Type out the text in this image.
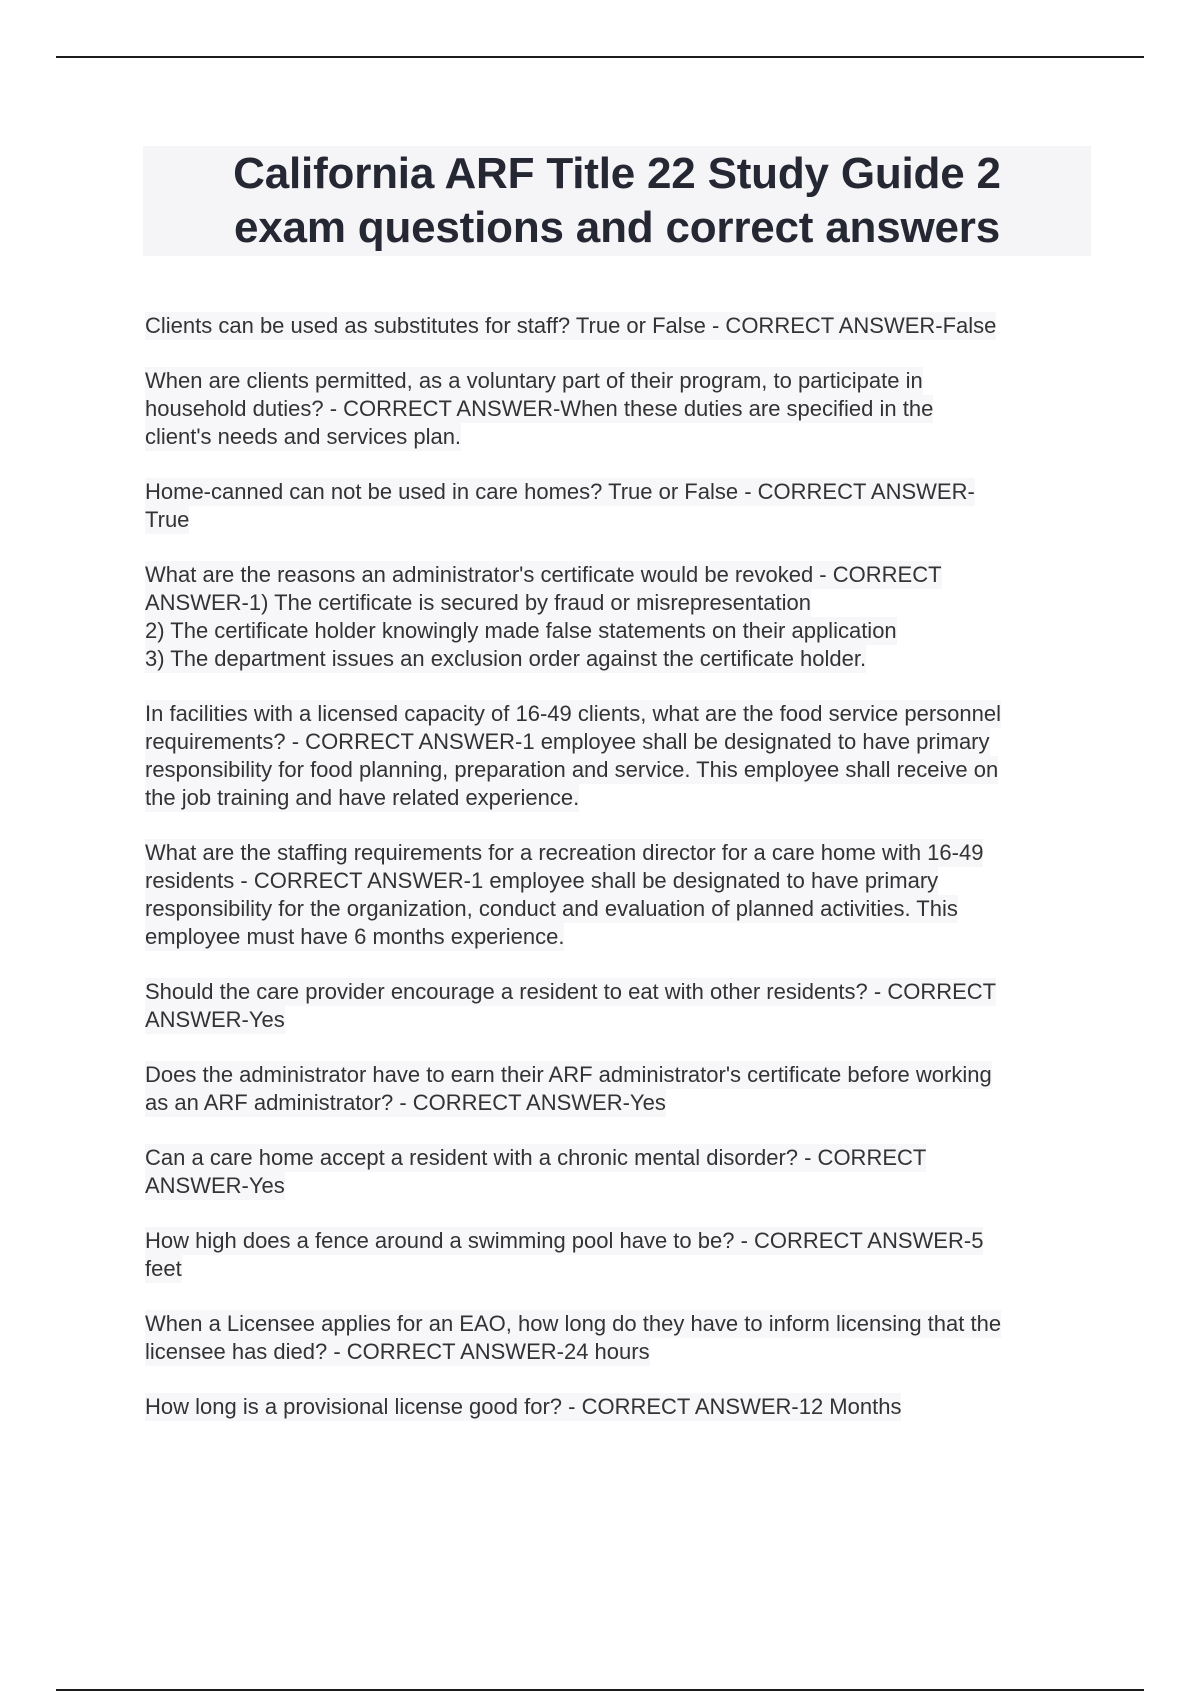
California ARF Title 22 Study Guide 2
exam questions and correct answers
Clients can be used as substitutes for staff? True or False - CORRECT ANSWER-False
When are clients permitted, as a voluntary part of their program, to participate in
household duties? - CORRECT ANSWER-When these duties are specified in the
client's needs and services plan.
Home-canned can not be used in care homes? True or False - CORRECT ANSWER-
True
What are the reasons an administrator's certificate would be revoked - CORRECT
ANSWER-1) The certificate is secured by fraud or misrepresentation
2) The certificate holder knowingly made false statements on their application
3) The department issues an exclusion order against the certificate holder.
In facilities with a licensed capacity of 16-49 clients, what are the food service personnel
requirements? - CORRECT ANSWER-1 employee shall be designated to have primary
responsibility for food planning, preparation and service. This employee shall receive on
the job training and have related experience.
What are the staffing requirements for a recreation director for a care home with 16-49
residents - CORRECT ANSWER-1 employee shall be designated to have primary
responsibility for the organization, conduct and evaluation of planned activities. This
employee must have 6 months experience.
Should the care provider encourage a resident to eat with other residents? - CORRECT
ANSWER-Yes
Does the administrator have to earn their ARF administrator's certificate before working
as an ARF administrator? - CORRECT ANSWER-Yes
Can a care home accept a resident with a chronic mental disorder? - CORRECT
ANSWER-Yes
How high does a fence around a swimming pool have to be? - CORRECT ANSWER-5
feet
When a Licensee applies for an EAO, how long do they have to inform licensing that the
licensee has died? - CORRECT ANSWER-24 hours
How long is a provisional license good for? - CORRECT ANSWER-12 Months
